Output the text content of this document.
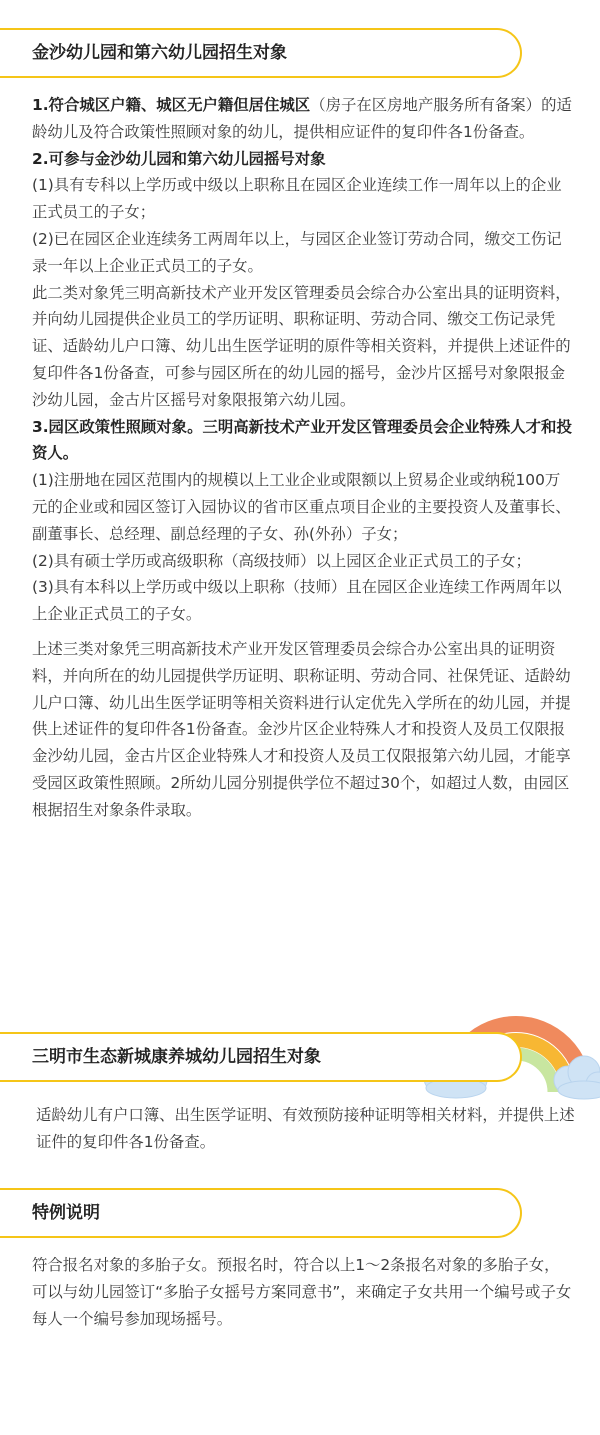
金沙幼儿园和第六幼儿园招生对象

1.符合城区户籍、城区无户籍但居住城区（房子在区房地产服务所有备案）的适龄幼儿及符合政策性照顾对象的幼儿，提供相应证件的复印件各1份备查。

2.可参与金沙幼儿园和第六幼儿园摇号对象

(1)具有专科以上学历或中级以上职称且在园区企业连续工作一周年以上的企业正式员工的子女；

(2)已在园区企业连续务工两周年以上，与园区企业签订劳动合同，缴交工伤记录一年以上企业正式员工的子女。

此二类对象凭三明高新技术产业开发区管理委员会综合办公室出具的证明资料，并向幼儿园提供企业员工的学历证明、职称证明、劳动合同、缴交工伤记录凭证、适龄幼儿户口簿、幼儿出生医学证明的原件等相关资料，并提供上述证件的复印件各1份备查，可参与园区所在的幼儿园的摇号，金沙片区摇号对象限报金沙幼儿园，金古片区摇号对象限报第六幼儿园。

3.园区政策性照顾对象。三明高新技术产业开发区管理委员会企业特殊人才和投资人。

(1)注册地在园区范围内的规模以上工业企业或限额以上贸易企业或纳税100万元的企业或和园区签订入园协议的省市区重点项目企业的主要投资人及董事长、副董事长、总经理、副总经理的子女、孙(外孙）子女；

(2)具有硕士学历或高级职称（高级技师）以上园区企业正式员工的子女；

(3)具有本科以上学历或中级以上职称（技师）且在园区企业连续工作两周年以上企业正式员工的子女。

上述三类对象凭三明高新技术产业开发区管理委员会综合办公室出具的证明资料，并向所在的幼儿园提供学历证明、职称证明、劳动合同、社保凭证、适龄幼儿户口簿、幼儿出生医学证明等相关资料进行认定优先入学所在的幼儿园，并提供上述证件的复印件各1份备查。金沙片区企业特殊人才和投资人及员工仅限报金沙幼儿园，金古片区企业特殊人才和投资人及员工仅限报第六幼儿园，才能享受园区政策性照顾。2所幼儿园分别提供学位不超过30个，如超过人数，由园区根据招生对象条件录取。

三明市生态新城康养城幼儿园招生对象

适龄幼儿有户口簿、出生医学证明、有效预防接种证明等相关材料，并提供上述证件的复印件各1份备查。

特例说明

符合报名对象的多胎子女。预报名时，符合以上1～2条报名对象的多胎子女，可以与幼儿园签订“多胎子女摇号方案同意书”，来确定子女共用一个编号或子女每人一个编号参加现场摇号。
